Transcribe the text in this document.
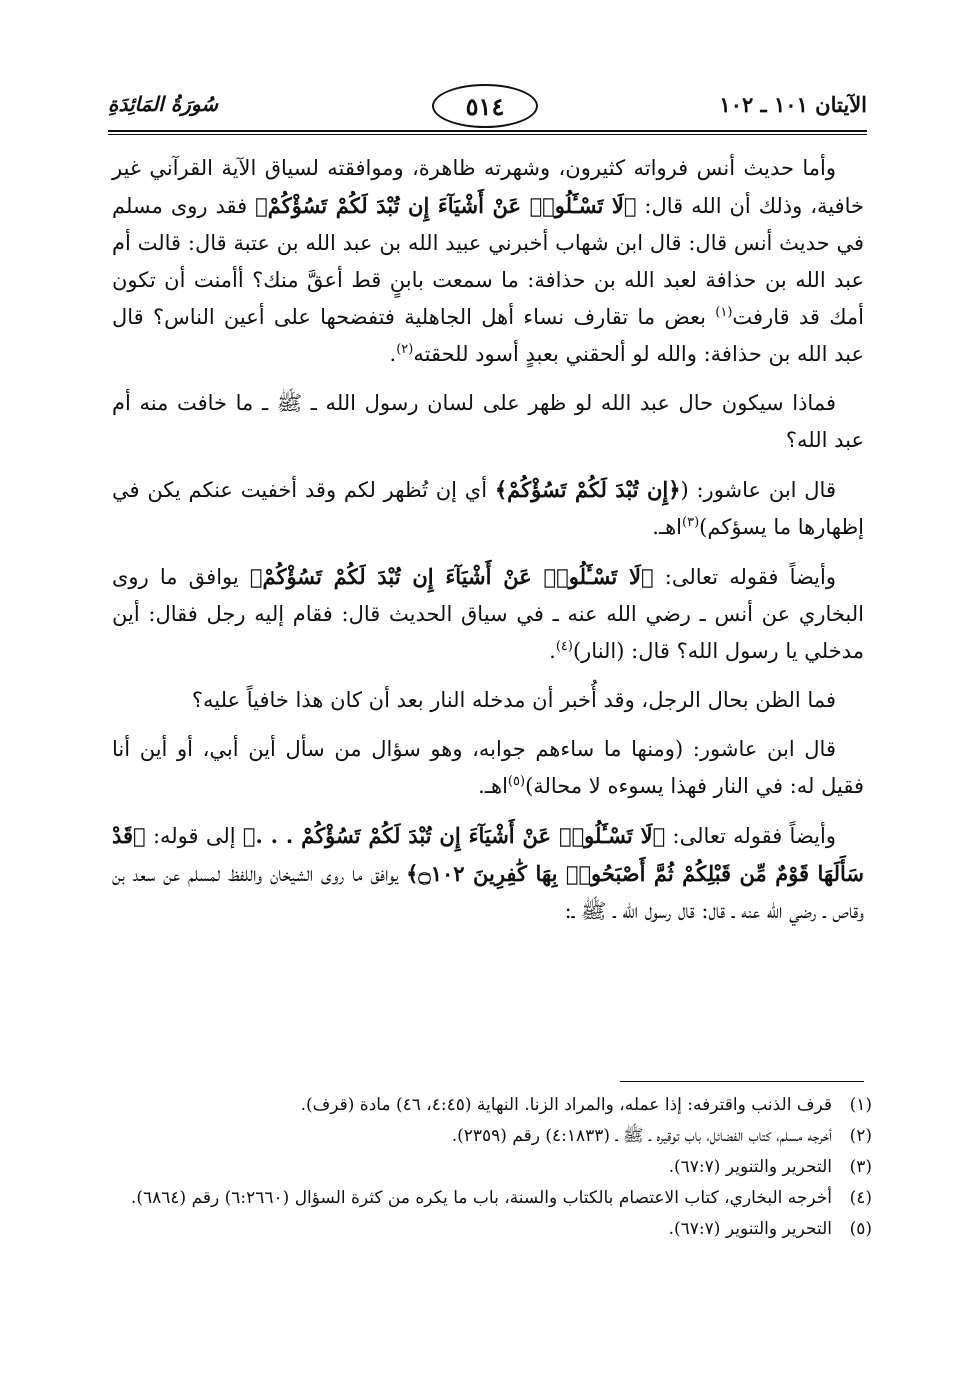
الآيتان ١٠١ ـ ١٠٢
٥١٤
سُورَةُ المَائِدَةِ

وأما حديث أنس فرواته كثيرون، وشهرته ظاهرة، وموافقته لسياق الآية القرآني غير خافية، وذلك أن الله قال: ﴿لَا تَسْـَٔلُوا۟ عَنْ أَشْيَآءَ إِن تُبْدَ لَكُمْ تَسُؤْكُمْ﴾ فقد روى مسلم في حديث أنس قال: قال ابن شهاب أخبرني عبيد الله بن عبد الله بن عتبة قال: قالت أم عبد الله بن حذافة لعبد الله بن حذافة: ما سمعت بابنٍ قط أعقَّ منك؟ أأمنت أن تكون أمك قد قارفت$^{(١)}$ بعض ما تقارف نساء أهل الجاهلية فتفضحها على أعين الناس؟ قال عبد الله بن حذافة: والله لو ألحقني بعبدٍ أسود للحقته$^{(٢)}$.

فماذا سيكون حال عبد الله لو ظهر على لسان رسول الله ـ ﷺ ـ ما خافت منه أم عبد الله؟

قال ابن عاشور: (﴿إِن تُبْدَ لَكُمْ تَسُؤْكُمْ﴾ أي إن تُظهر لكم وقد أخفيت عنكم يكن في إظهارها ما يسؤكم)$^{(٣)}$اهـ.

وأيضاً فقوله تعالى: ﴿لَا تَسْـَٔلُوا۟ عَنْ أَشْيَآءَ إِن تُبْدَ لَكُمْ تَسُؤْكُمْ﴾ يوافق ما روى البخاري عن أنس ـ رضي الله عنه ـ في سياق الحديث قال: فقام إليه رجل فقال: أين مدخلي يا رسول الله؟ قال: (النار)$^{(٤)}$.

فما الظن بحال الرجل، وقد أُخبر أن مدخله النار بعد أن كان هذا خافياً عليه؟

قال ابن عاشور: (ومنها ما ساءهم جوابه، وهو سؤال من سأل أين أبي، أو أين أنا فقيل له: في النار فهذا يسوءه لا محالة)$^{(٥)}$اهـ.

وأيضاً فقوله تعالى: ﴿لَا تَسْـَٔلُوا۟ عَنْ أَشْيَآءَ إِن تُبْدَ لَكُمْ تَسُؤْكُمْ . . .﴾ إلى قوله: ﴿قَدْ سَأَلَهَا قَوْمٌ مِّن قَبْلِكُمْ ثُمَّ أَصْبَحُوا۟ بِهَا كَٰفِرِينَ ۝١٠٢﴾ يوافق ما روى الشيخان واللفظ لمسلم عن سعد بن وقاص ـ رضي الله عنه ـ قال: قال رسول الله ـ ﷺ ـ:

(١)
قرف الذنب واقترفه: إذا عمله، والمراد الزنا. النهاية (٤:٤٥، ٤٦) مادة (قرف).
(٢)
أخرجه مسلم، كتاب الفضائل، باب توقيره ـ ﷺ ـ (٤:١٨٣٣) رقم (٢٣٥٩).
(٣)
التحرير والتنوير (٦٧:٧).
(٤)
أخرجه البخاري، كتاب الاعتصام بالكتاب والسنة، باب ما يكره من كثرة السؤال (٦:٢٦٦٠) رقم (٦٨٦٤).
(٥)
التحرير والتنوير (٦٧:٧).
